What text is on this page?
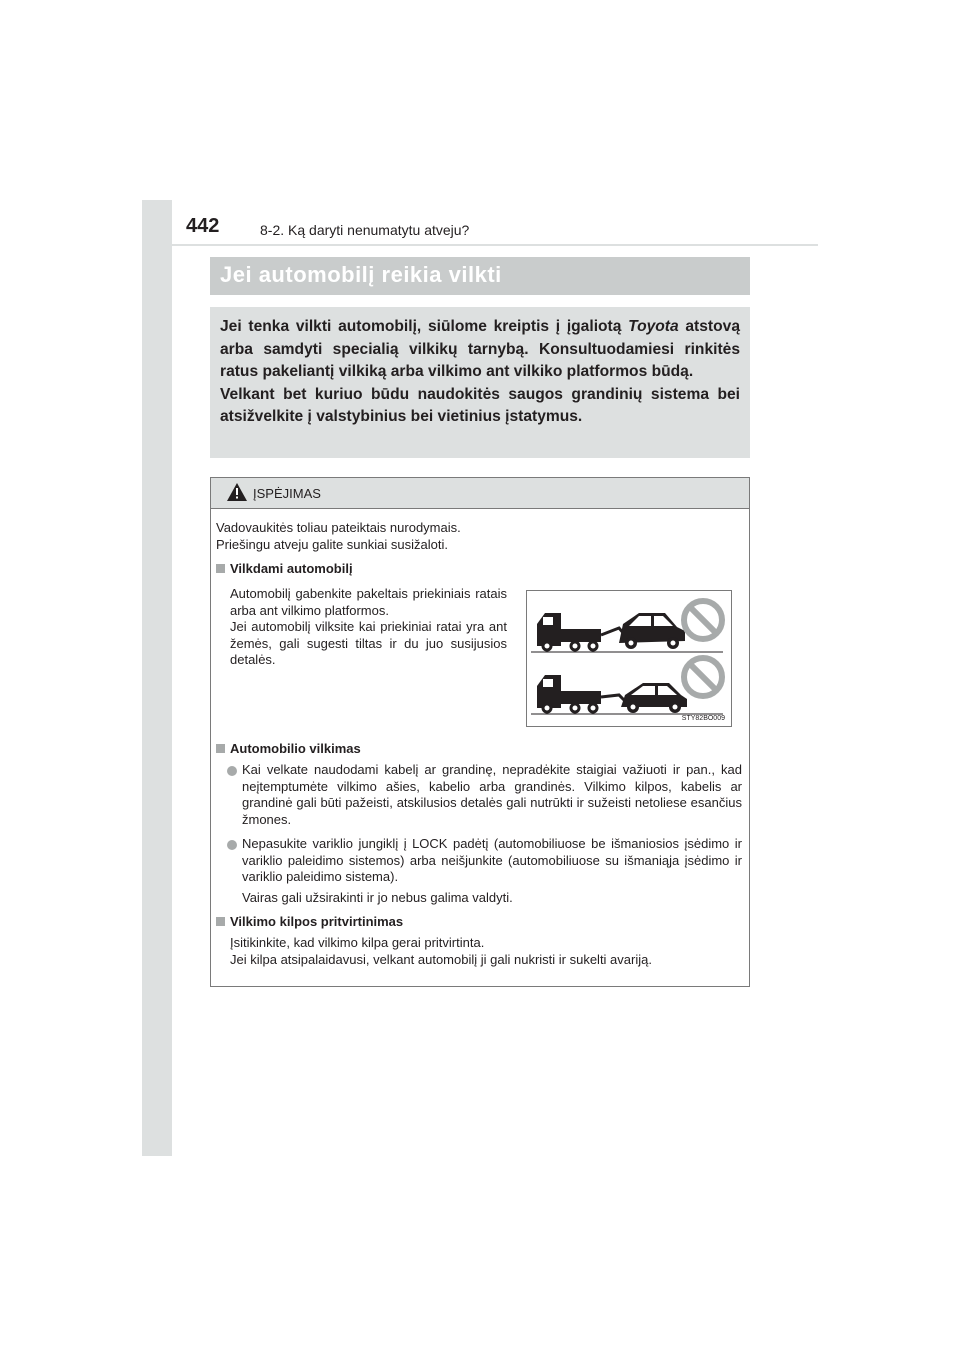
442	8-2. Ką daryti nenumatytu atveju?
Jei automobilį reikia vilkti

Jei tenka vilkti automobilį, siūlome kreiptis į įgaliotą Toyota atstovą arba samdyti specialią vilkikų tarnybą. Konsultuodamiesi rinkitės ratus pakeliantį vilkiką arba vilkimo ant vilkiko platformos būdą.

Velkant bet kuriuo būdu naudokitės saugos grandinių sistema bei atsižvelkite į valstybinius bei vietinius įstatymus.

ĮSPĖJIMAS
Vadovaukitės toliau pateiktais nurodymais.
Priešingu atveju galite sunkiai susižaloti.
Vilkdami automobilį
Automobilį gabenkite pakeltais priekiniais ratais arba ant vilkimo platformos.
Jei automobilį vilksite kai priekiniai ratai yra ant žemės, gali sugesti tiltas ir du juo susijusios detalės.
STY82BO009
Automobilio vilkimas
Kai velkate naudodami kabelį ar grandinę, nepradėkite staigiai važiuoti ir pan., kad neįtemptumėte vilkimo ašies, kabelio arba grandinės. Vilkimo kilpos, kabelis ar grandinė gali būti pažeisti, atskilusios detalės gali nutrūkti ir sužeisti netoliese esančius žmones.
Nepasukite variklio jungiklį į LOCK padėtį (automobiliuose be išmaniosios įsėdimo ir variklio paleidimo sistemos) arba neišjunkite (automobiliuose su išmaniąja įsėdimo ir variklio paleidimo sistema).
Vairas gali užsirakinti ir jo nebus galima valdyti.
Vilkimo kilpos pritvirtinimas
Įsitikinkite, kad vilkimo kilpa gerai pritvirtinta.
Jei kilpa atsipalaidavusi, velkant automobilį ji gali nukristi ir sukelti avariją.
